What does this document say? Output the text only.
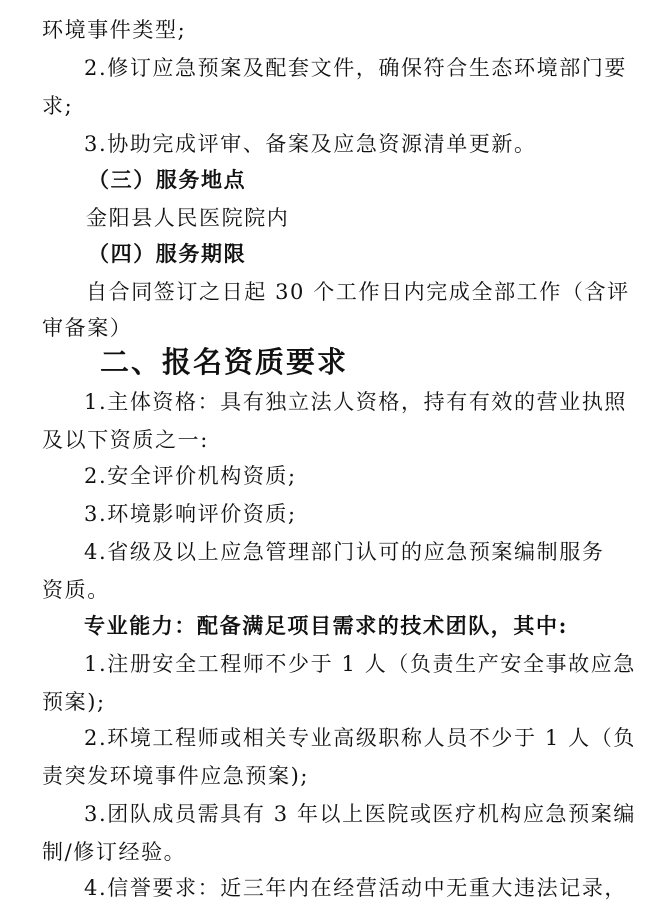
环境事件类型;
2.修订应急预案及配套文件，确保符合生态环境部门要
求;
3.协助完成评审、备案及应急资源清单更新。
（三）服务地点
金阳县人民医院院内
（四）服务期限
自合同签订之日起 30 个工作日内完成全部工作（含评
审备案）
二、报名资质要求
1.主体资格：具有独立法人资格，持有有效的营业执照
及以下资质之一:
2.安全评价机构资质;
3.环境影响评价资质;
4.省级及以上应急管理部门认可的应急预案编制服务
资质。
专业能力：配备满足项目需求的技术团队，其中:
1.注册安全工程师不少于 1 人（负责生产安全事故应急
预案);
2.环境工程师或相关专业高级职称人员不少于 1 人（负
责突发环境事件应急预案);
3.团队成员需具有 3 年以上医院或医疗机构应急预案编
制/修订经验。
4.信誉要求：近三年内在经营活动中无重大违法记录，
